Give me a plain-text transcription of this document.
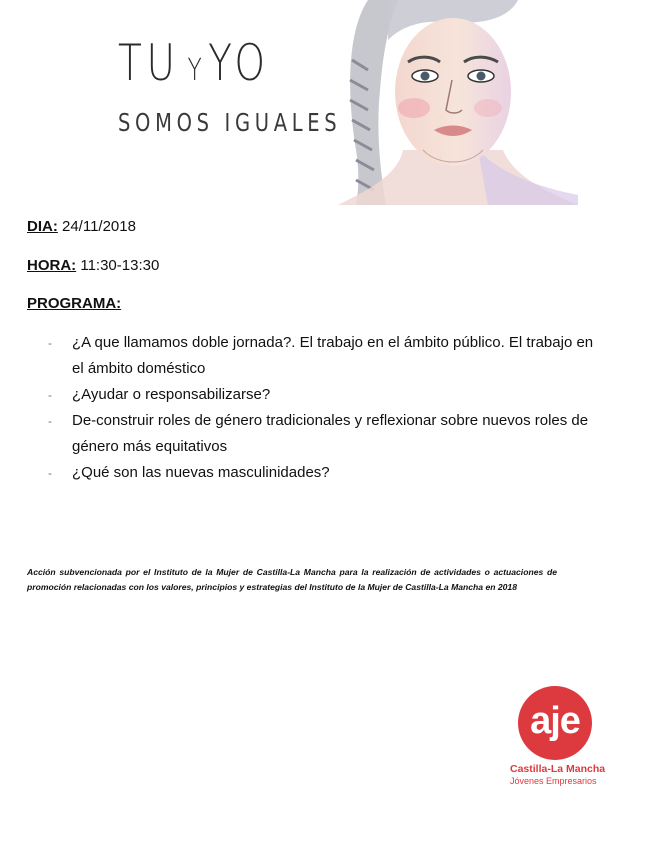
TU YYO
SOMOS IGUALES
DIA: 24/11/2018
HORA: 11:30-13:30
PROGRAMA:
- ¿A que llamamos doble jornada?. El trabajo en el ámbito público. El trabajo en el ámbito doméstico
- ¿Ayudar o responsabilizarse?
- De-construir roles de género tradicionales y reflexionar sobre nuevos roles de género más equitativos
- ¿Qué son las nuevas masculinidades?
Acción subvencionada por el Instituto de la Mujer de Castilla-La Mancha para la realización de actividades o actuaciones de promoción relacionadas con los valores, principios y estrategias del Instituto de la Mujer de Castilla-La Mancha en 2018
aje
Castilla-La Mancha
Jóvenes Empresarios
